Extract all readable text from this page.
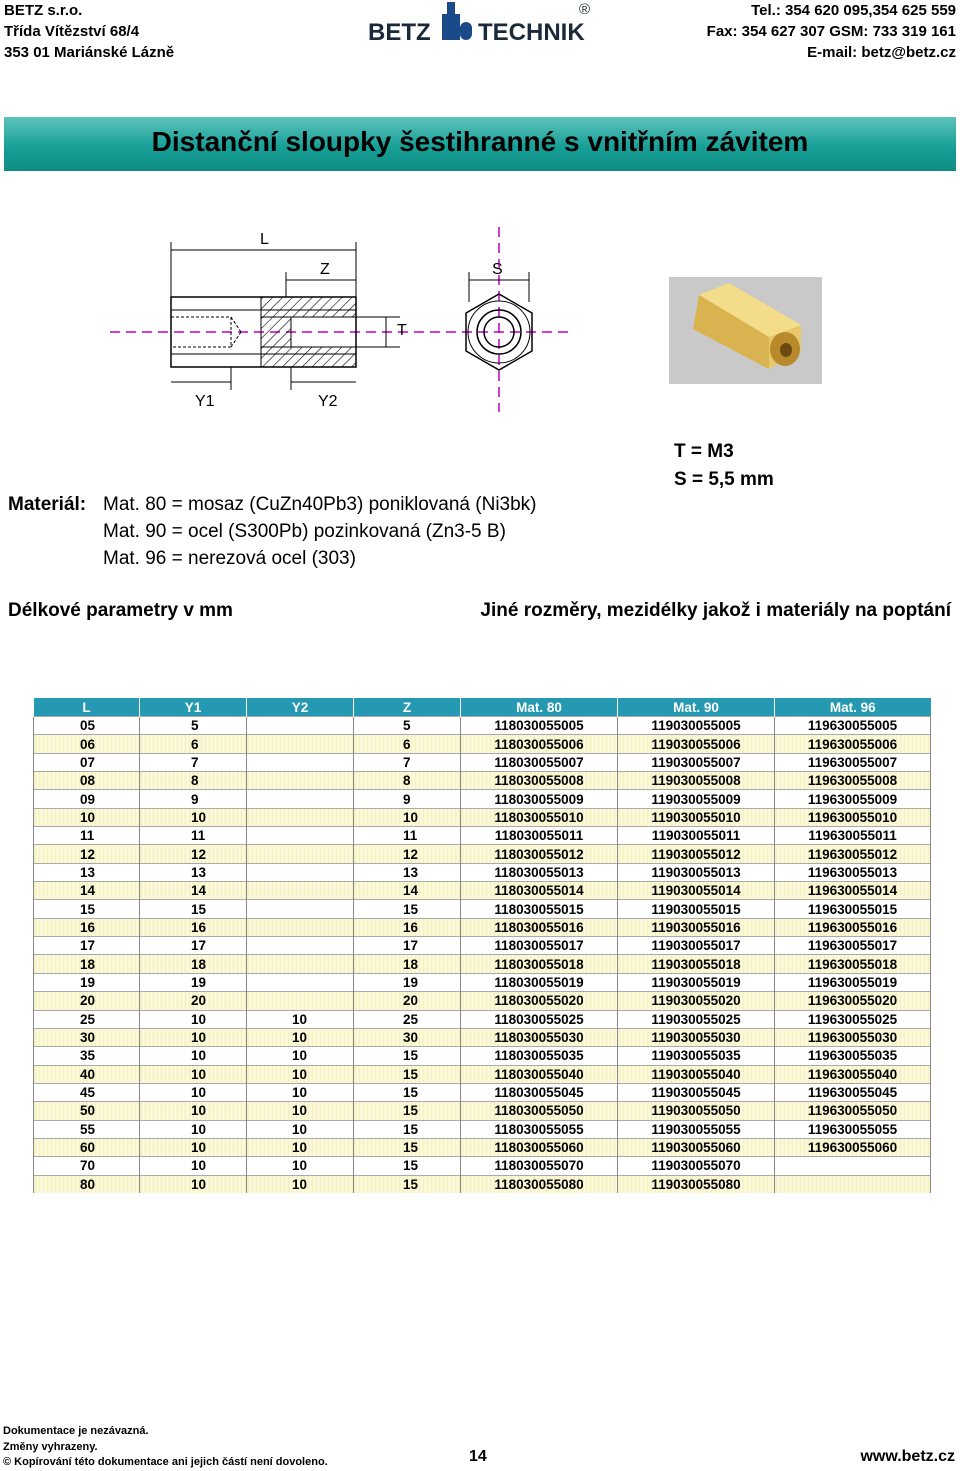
BETZ s.r.o.
Třída Vítězství 68/4
353 01 Mariánské Lázně
BETZ TECHNIK
®	Tel.: 354 620 095,354 625 559
Fax: 354 627 307 GSM: 733 319 161
E-mail: betz@betz.cz
Distanční sloupky šestihranné s vnitřním závitem
L
Z	S
T
Y1	Y2
Materiál: Mat. 80 = mosaz (CuZn40Pb3) poniklovaná (Ni3bk)
Mat. 90 = ocel (S300Pb) pozinkovaná (Zn3-5 B)
Mat. 96 = nerezová ocel (303)
T = M3
S = 5,5 mm
Délkové parametry v mm	Jiné rozměry, mezidélky jakož i materiály na poptání
L	Y1	Y2	Z	Mat. 80	Mat. 90	Mat. 96
05	5		5	118030055005	119030055005	119630055005
06	6		6	118030055006	119030055006	119630055006
07	7		7	118030055007	119030055007	119630055007
08	8		8	118030055008	119030055008	119630055008
09	9		9	118030055009	119030055009	119630055009
10	10		10	118030055010	119030055010	119630055010
11	11		11	118030055011	119030055011	119630055011
12	12		12	118030055012	119030055012	119630055012
13	13		13	118030055013	119030055013	119630055013
14	14		14	118030055014	119030055014	119630055014
15	15		15	118030055015	119030055015	119630055015
16	16		16	118030055016	119030055016	119630055016
17	17		17	118030055017	119030055017	119630055017
18	18		18	118030055018	119030055018	119630055018
19	19		19	118030055019	119030055019	119630055019
20	20		20	118030055020	119030055020	119630055020
25	10	10	25	118030055025	119030055025	119630055025
30	10	10	30	118030055030	119030055030	119630055030
35	10	10	15	118030055035	119030055035	119630055035
40	10	10	15	118030055040	119030055040	119630055040
45	10	10	15	118030055045	119030055045	119630055045
50	10	10	15	118030055050	119030055050	119630055050
55	10	10	15	118030055055	119030055055	119630055055
60	10	10	15	118030055060	119030055060	119630055060
70	10	10	15	118030055070	119030055070	
80	10	10	15	118030055080	119030055080	
Dokumentace je nezávazná.
Změny vyhrazeny.
© Kopírování této dokumentace ani jejich částí není dovoleno.	14	www.betz.cz
